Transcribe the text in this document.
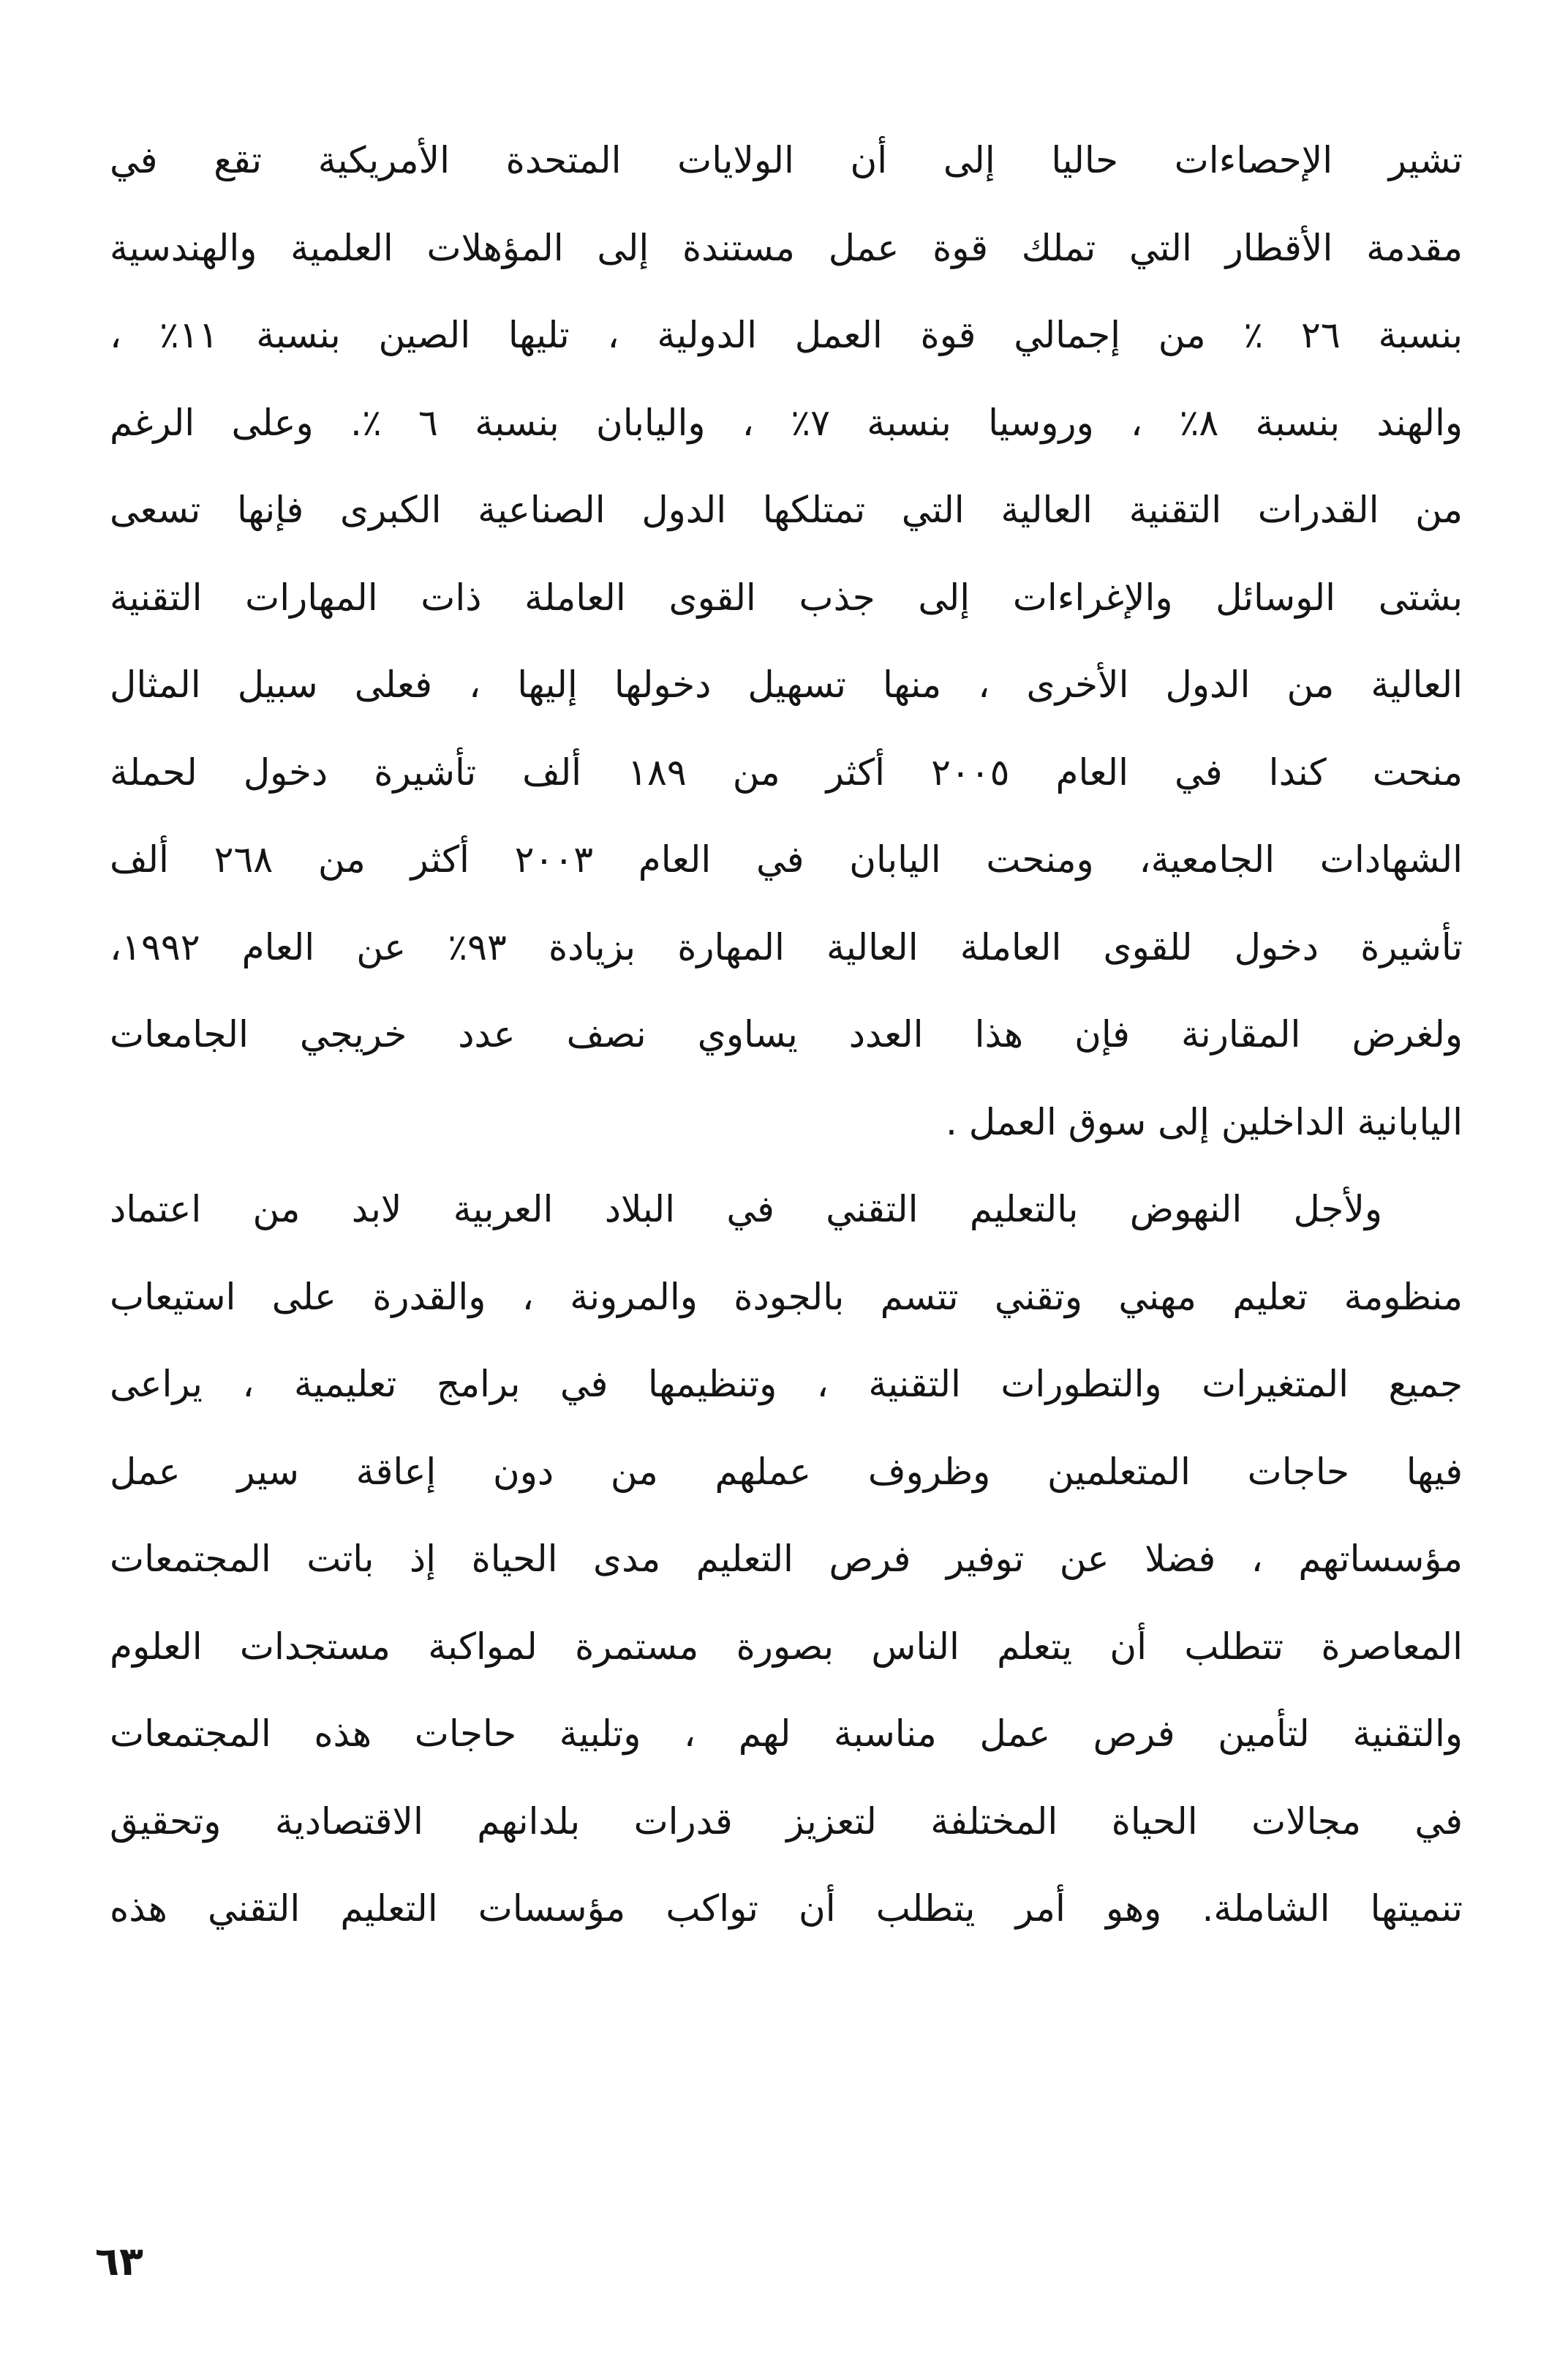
تشير الإحصاءات حاليا إلى أن الولايات المتحدة الأمريكية تقع في
مقدمة الأقطار التي تملك قوة عمل مستندة إلى المؤهلات العلمية والهندسية
بنسبة ٢٦ ٪ من إجمالي قوة العمل الدولية ، تليها الصين بنسبة ١١٪ ،
والهند بنسبة ٨٪ ، وروسيا بنسبة ٧٪ ، واليابان بنسبة ٦ ٪. وعلى الرغم
من القدرات التقنية العالية التي تمتلكها الدول الصناعية الكبرى فإنها تسعى
بشتى الوسائل والإغراءات إلى جذب القوى العاملة ذات المهارات التقنية
العالية من الدول الأخرى ، منها تسهيل دخولها إليها ، فعلى سبيل المثال
منحت كندا في العام ٢٠٠٥ أكثر من ١٨٩ ألف تأشيرة دخول لحملة
الشهادات الجامعية، ومنحت اليابان في العام ٢٠٠٣ أكثر من ٢٦٨ ألف
تأشيرة دخول للقوى العاملة العالية المهارة بزيادة ٩٣٪ عن العام ١٩٩٢،
ولغرض المقارنة فإن هذا العدد يساوي نصف عدد خريجي الجامعات
اليابانية الداخلين إلى سوق العمل .
ولأجل النهوض بالتعليم التقني في البلاد العربية لابد من اعتماد
منظومة تعليم مهني وتقني تتسم بالجودة والمرونة ، والقدرة على استيعاب
جميع المتغيرات والتطورات التقنية ، وتنظيمها في برامج تعليمية ، يراعى
فيها حاجات المتعلمين وظروف عملهم من دون إعاقة سير عمل
مؤسساتهم ، فضلا عن توفير فرص التعليم مدى الحياة إذ باتت المجتمعات
المعاصرة تتطلب أن يتعلم الناس بصورة مستمرة لمواكبة مستجدات العلوم
والتقنية لتأمين فرص عمل مناسبة لهم ، وتلبية حاجات هذه المجتمعات
في مجالات الحياة المختلفة لتعزيز قدرات بلدانهم الاقتصادية وتحقيق
تنميتها الشاملة. وهو أمر يتطلب أن تواكب مؤسسات التعليم التقني هذه
٦٣
